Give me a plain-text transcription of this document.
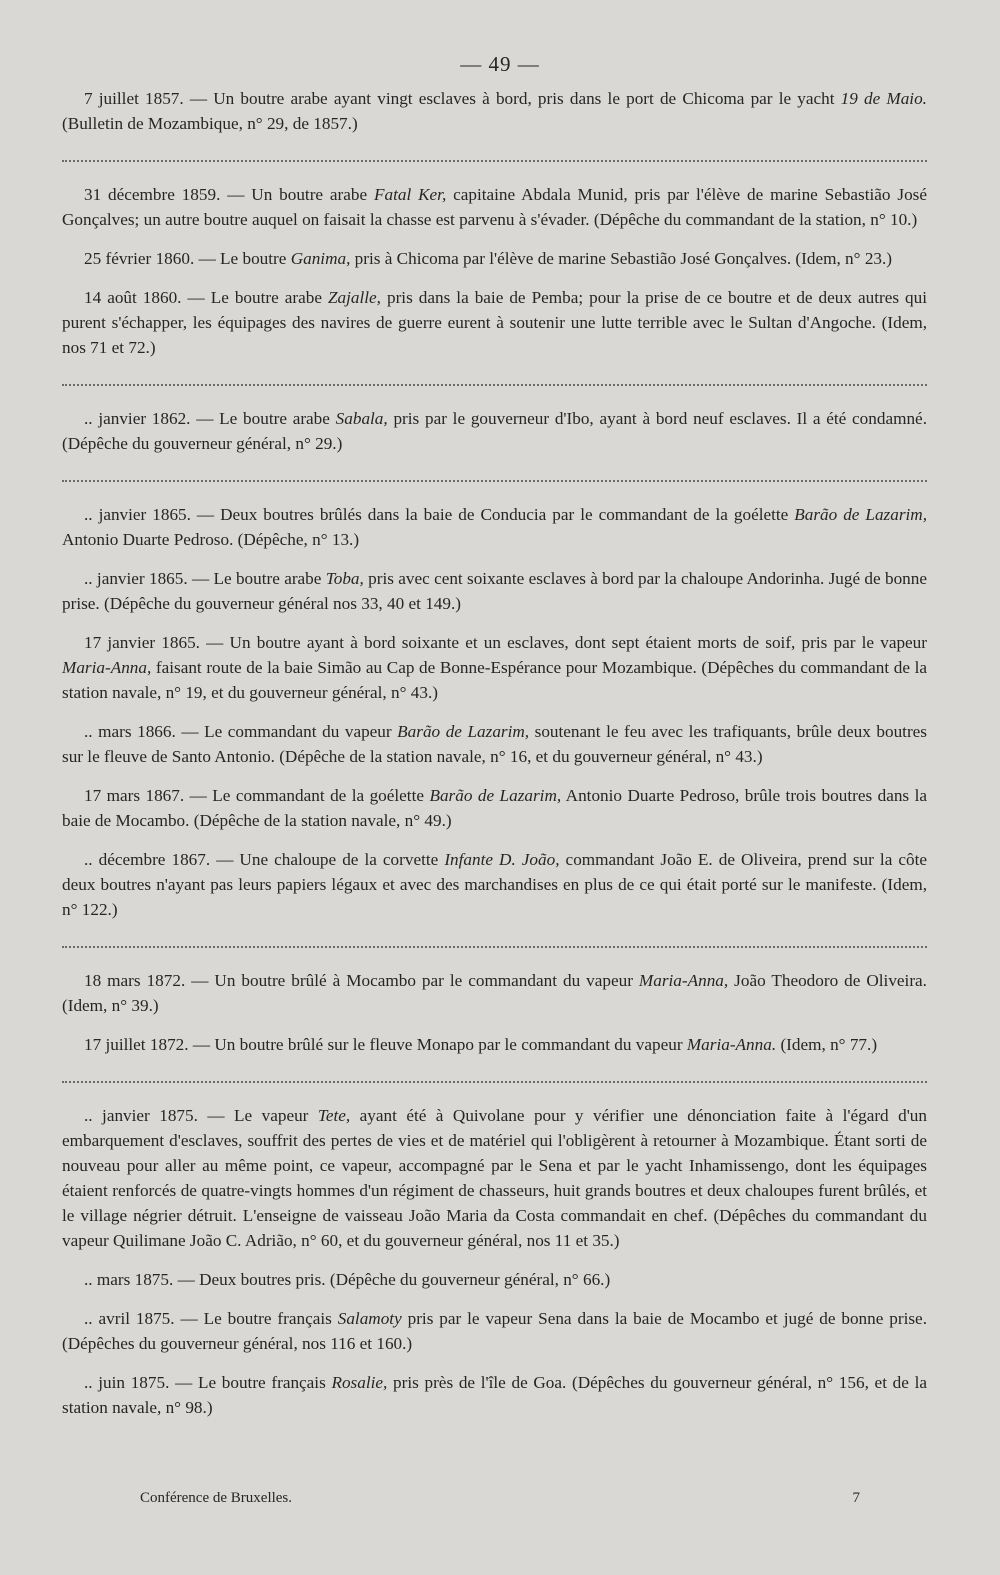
— 49 —
7 juillet 1857. — Un boutre arabe ayant vingt esclaves à bord, pris dans le port de Chicoma par le yacht 19 de Maio. (Bulletin de Mozambique, n° 29, de 1857.)
31 décembre 1859. — Un boutre arabe Fatal Ker, capitaine Abdala Munid, pris par l'élève de marine Sebastião José Gonçalves; un autre boutre auquel on faisait la chasse est parvenu à s'évader. (Dépêche du commandant de la station, n° 10.)
25 février 1860. — Le boutre Ganima, pris à Chicoma par l'élève de marine Sebastião José Gonçalves. (Idem, n° 23.)
14 août 1860. — Le boutre arabe Zajalle, pris dans la baie de Pemba; pour la prise de ce boutre et de deux autres qui purent s'échapper, les équipages des navires de guerre eurent à soutenir une lutte terrible avec le Sultan d'Angoche. (Idem, nos 71 et 72.)
.. janvier 1862. — Le boutre arabe Sabala, pris par le gouverneur d'Ibo, ayant à bord neuf esclaves. Il a été condamné. (Dépêche du gouverneur général, n° 29.)
.. janvier 1865. — Deux boutres brûlés dans la baie de Conducia par le commandant de la goélette Barão de Lazarim, Antonio Duarte Pedroso. (Dépêche, n° 13.)
.. janvier 1865. — Le boutre arabe Toba, pris avec cent soixante esclaves à bord par la chaloupe Andorinha. Jugé de bonne prise. (Dépêche du gouverneur général nos 33, 40 et 149.)
17 janvier 1865. — Un boutre ayant à bord soixante et un esclaves, dont sept étaient morts de soif, pris par le vapeur Maria-Anna, faisant route de la baie Simão au Cap de Bonne-Espérance pour Mozambique. (Dépêches du commandant de la station navale, n° 19, et du gouverneur général, n° 43.)
.. mars 1866. — Le commandant du vapeur Barão de Lazarim, soutenant le feu avec les trafiquants, brûle deux boutres sur le fleuve de Santo Antonio. (Dépêche de la station navale, n° 16, et du gouverneur général, n° 43.)
17 mars 1867. — Le commandant de la goélette Barão de Lazarim, Antonio Duarte Pedroso, brûle trois boutres dans la baie de Mocambo. (Dépêche de la station navale, n° 49.)
.. décembre 1867. — Une chaloupe de la corvette Infante D. João, commandant João E. de Oliveira, prend sur la côte deux boutres n'ayant pas leurs papiers légaux et avec des marchandises en plus de ce qui était porté sur le manifeste. (Idem, n° 122.)
18 mars 1872. — Un boutre brûlé à Mocambo par le commandant du vapeur Maria-Anna, João Theodoro de Oliveira. (Idem, n° 39.)
17 juillet 1872. — Un boutre brûlé sur le fleuve Monapo par le commandant du vapeur Maria-Anna. (Idem, n° 77.)
.. janvier 1875. — Le vapeur Tete, ayant été à Quivolane pour y vérifier une dénonciation faite à l'égard d'un embarquement d'esclaves, souffrit des pertes de vies et de matériel qui l'obligèrent à retourner à Mozambique. Étant sorti de nouveau pour aller au même point, ce vapeur, accompagné par le Sena et par le yacht Inhamissengo, dont les équipages étaient renforcés de quatre-vingts hommes d'un régiment de chasseurs, huit grands boutres et deux chaloupes furent brûlés, et le village négrier détruit. L'enseigne de vaisseau João Maria da Costa commandait en chef. (Dépêches du commandant du vapeur Quilimane João C. Adrião, n° 60, et du gouverneur général, nos 11 et 35.)
.. mars 1875. — Deux boutres pris. (Dépêche du gouverneur général, n° 66.)
.. avril 1875. — Le boutre français Salamoty pris par le vapeur Sena dans la baie de Mocambo et jugé de bonne prise. (Dépêches du gouverneur général, nos 116 et 160.)
.. juin 1875. — Le boutre français Rosalie, pris près de l'île de Goa. (Dépêches du gouverneur général, n° 156, et de la station navale, n° 98.)
Conférence de Bruxelles.	7
